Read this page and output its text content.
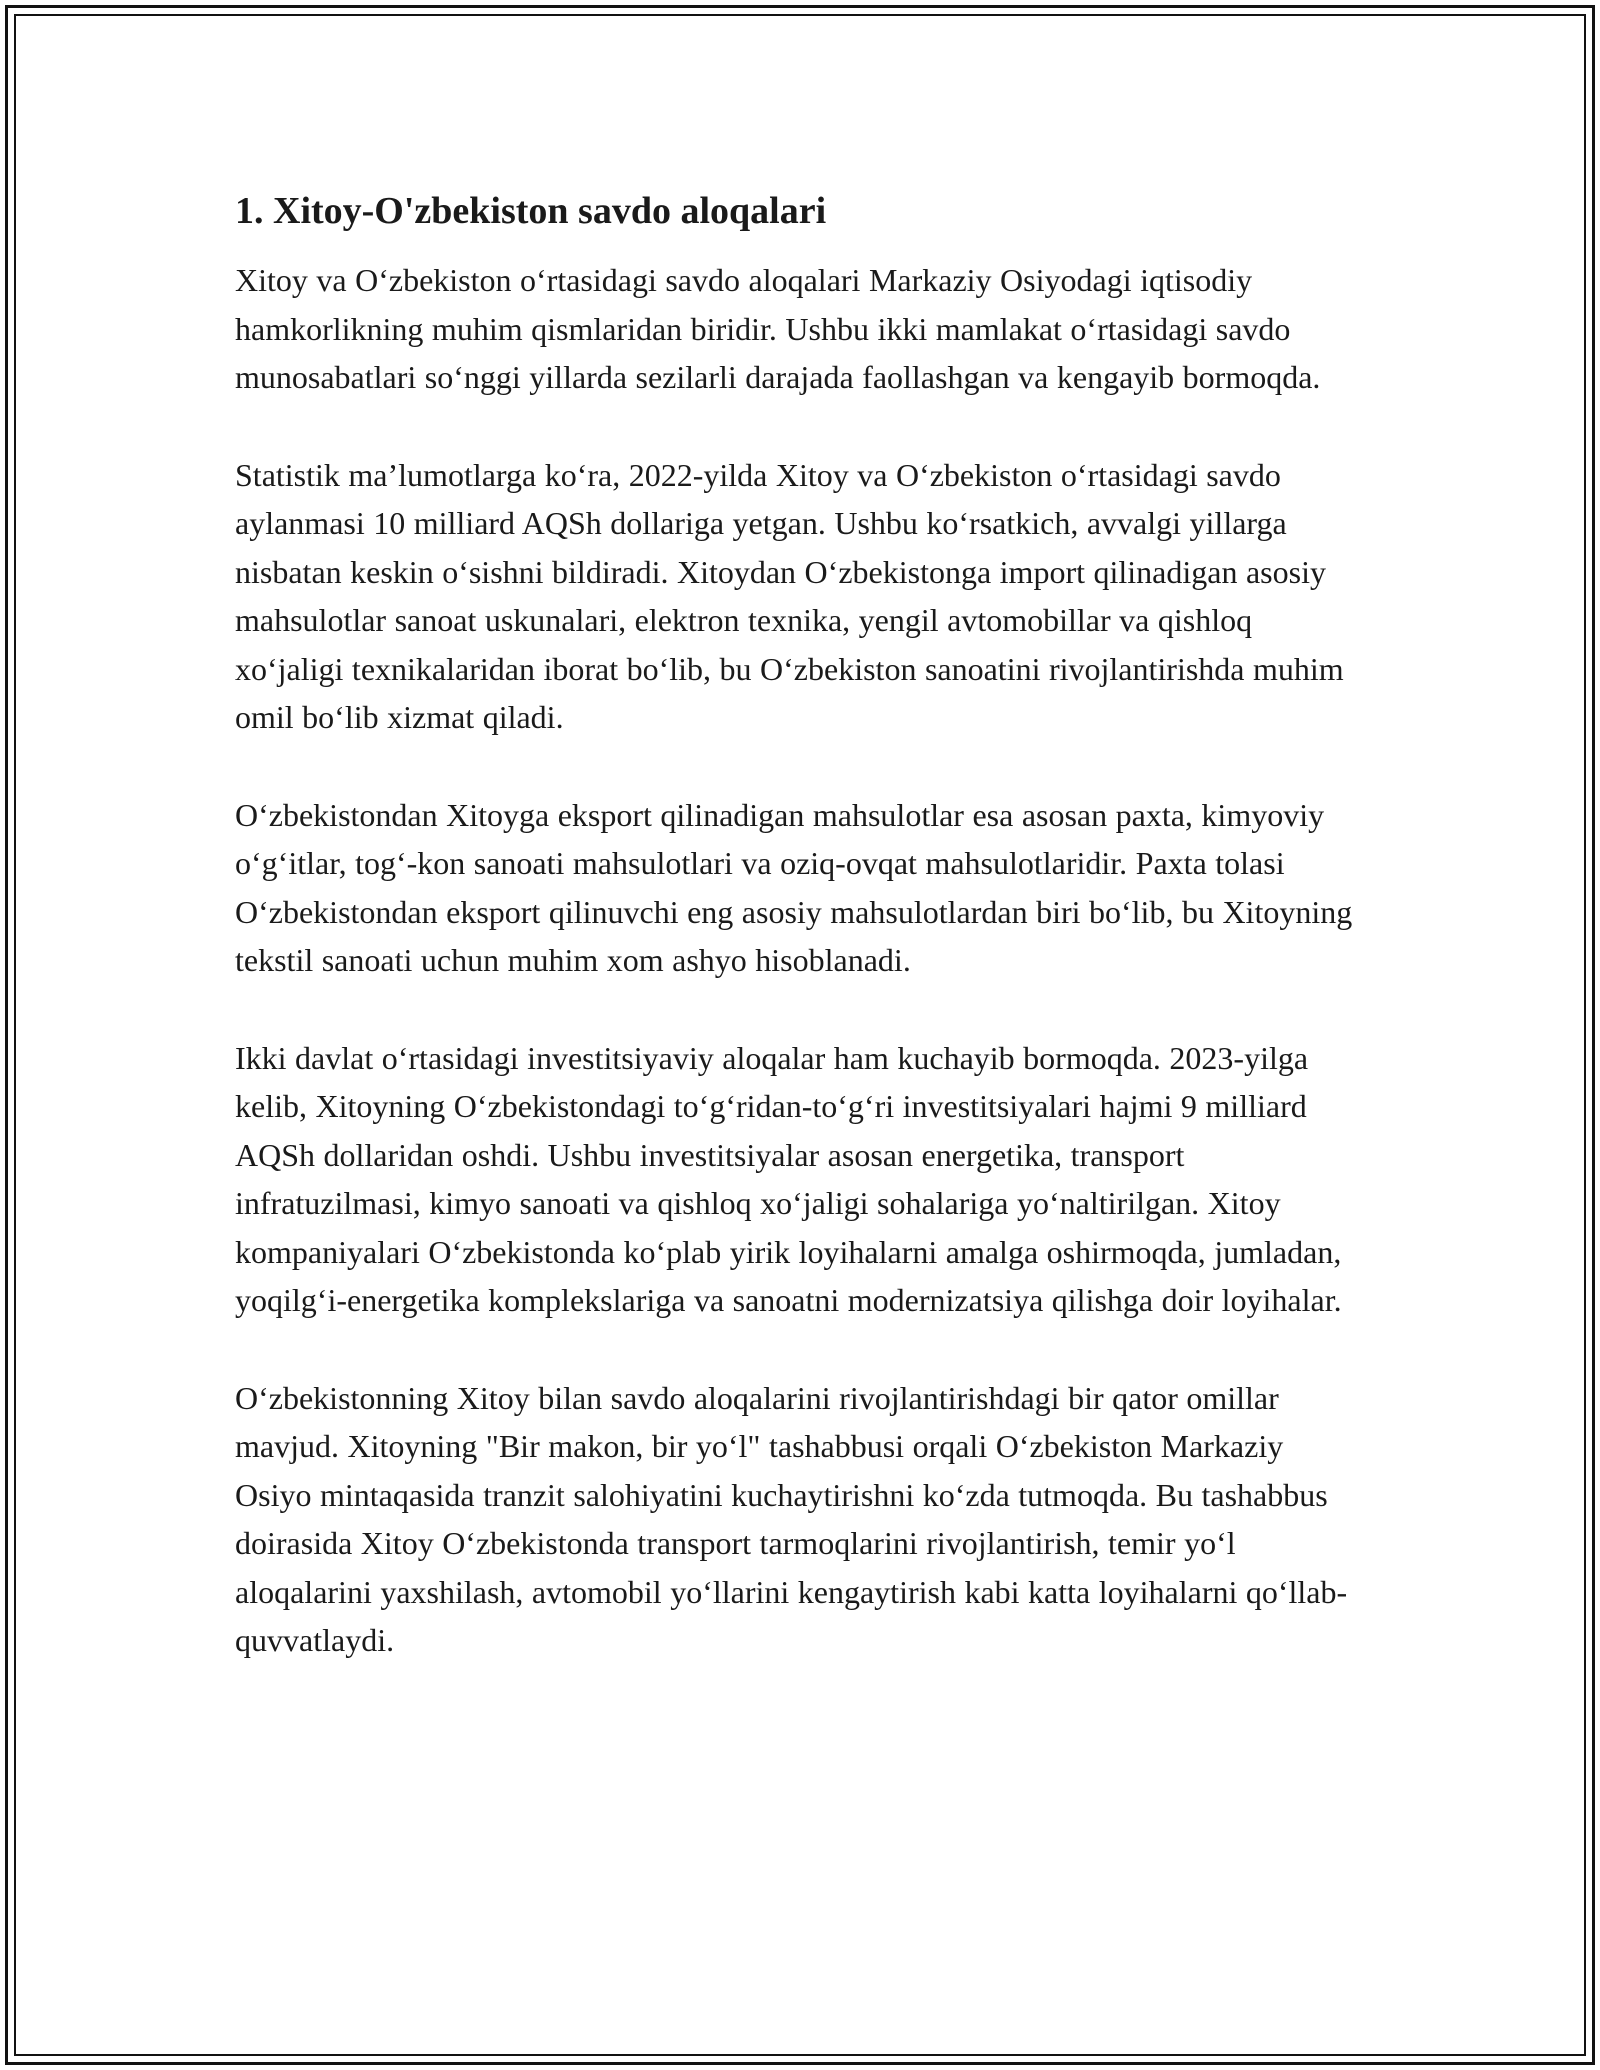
1. Xitoy-O'zbekiston savdo aloqalari

Xitoy va O‘zbekiston o‘rtasidagi savdo aloqalari Markaziy Osiyodagi iqtisodiy hamkorlikning muhim qismlaridan biridir. Ushbu ikki mamlakat o‘rtasidagi savdo munosabatlari so‘nggi yillarda sezilarli darajada faollashgan va kengayib bormoqda.

Statistik ma’lumotlarga ko‘ra, 2022-yilda Xitoy va O‘zbekiston o‘rtasidagi savdo aylanmasi 10 milliard AQSh dollariga yetgan. Ushbu ko‘rsatkich, avvalgi yillarga nisbatan keskin o‘sishni bildiradi. Xitoydan O‘zbekistonga import qilinadigan asosiy mahsulotlar sanoat uskunalari, elektron texnika, yengil avtomobillar va qishloq xo‘jaligi texnikalaridan iborat bo‘lib, bu O‘zbekiston sanoatini rivojlantirishda muhim omil bo‘lib xizmat qiladi.

O‘zbekistondan Xitoyga eksport qilinadigan mahsulotlar esa asosan paxta, kimyoviy o‘g‘itlar, tog‘-kon sanoati mahsulotlari va oziq-ovqat mahsulotlaridir. Paxta tolasi O‘zbekistondan eksport qilinuvchi eng asosiy mahsulotlardan biri bo‘lib, bu Xitoyning tekstil sanoati uchun muhim xom ashyo hisoblanadi.

Ikki davlat o‘rtasidagi investitsiyaviy aloqalar ham kuchayib bormoqda. 2023-yilga kelib, Xitoyning O‘zbekistondagi to‘g‘ridan-to‘g‘ri investitsiyalari hajmi 9 milliard AQSh dollaridan oshdi. Ushbu investitsiyalar asosan energetika, transport infratuzilmasi, kimyo sanoati va qishloq xo‘jaligi sohalariga yo‘naltirilgan. Xitoy kompaniyalari O‘zbekistonda ko‘plab yirik loyihalarni amalga oshirmoqda, jumladan, yoqilg‘i-energetika komplekslariga va sanoatni modernizatsiya qilishga doir loyihalar.

O‘zbekistonning Xitoy bilan savdo aloqalarini rivojlantirishdagi bir qator omillar mavjud. Xitoyning "Bir makon, bir yo‘l" tashabbusi orqali O‘zbekiston Markaziy Osiyo mintaqasida tranzit salohiyatini kuchaytirishni ko‘zda tutmoqda. Bu tashabbus doirasida Xitoy O‘zbekistonda transport tarmoqlarini rivojlantirish, temir yo‘l aloqalarini yaxshilash, avtomobil yo‘llarini kengaytirish kabi katta loyihalarni qo‘llab-quvvatlaydi.
